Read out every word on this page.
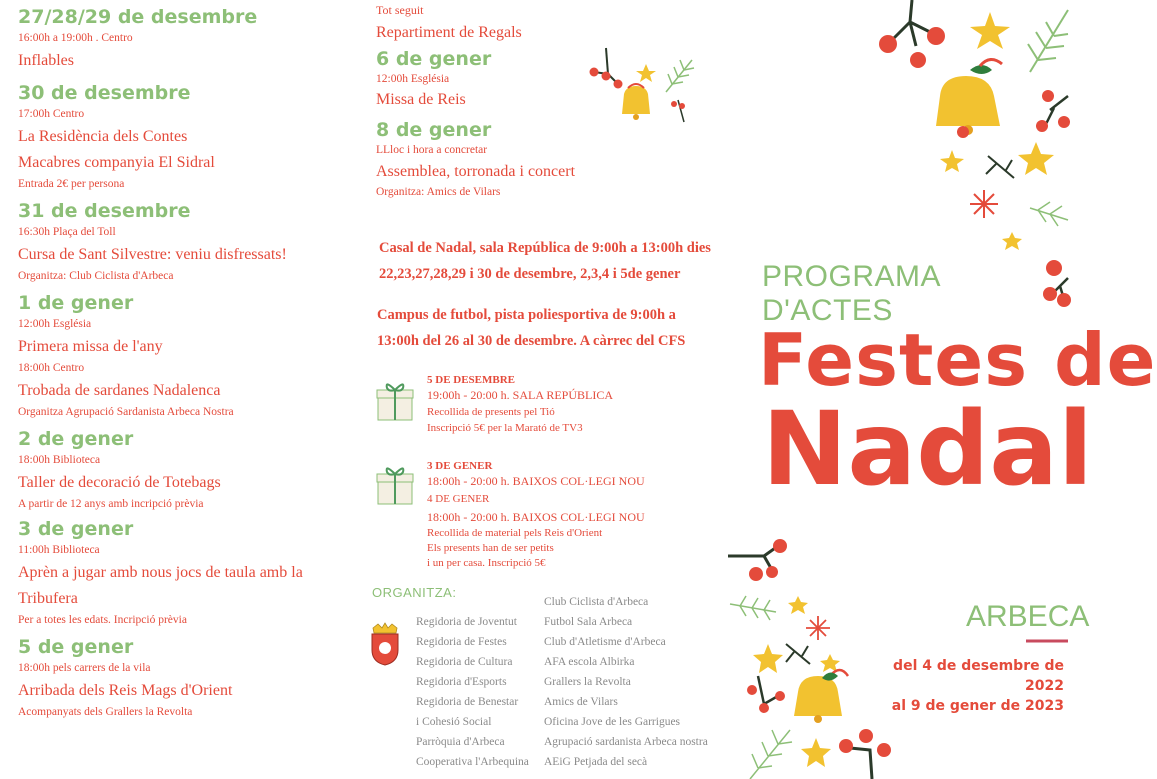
27/28/29 de desembre
16:00h a 19:00h . Centro
Inflables
30 de desembre
17:00h Centro
La Residència dels Contes
Macabres companyia El Sidral
Entrada 2€ per persona
31 de desembre
16:30h Plaça del Toll
Cursa de Sant Silvestre: veniu disfressats!
Organitza: Club Ciclista d'Arbeca
1 de gener
12:00h Església
Primera missa de l'any
18:00h Centro
Trobada de sardanes Nadalenca
Organitza Agrupació Sardanista Arbeca Nostra
2 de gener
18:00h Biblioteca
Taller de decoració de Totebags
A partir de 12 anys amb incripció prèvia
3 de gener
11:00h Biblioteca
Aprèn a jugar amb nous jocs de taula amb la
Tribufera
Per a totes les edats. Incripció prèvia
5 de gener
18:00h pels carrers de la vila
Arribada dels Reis Mags d'Orient
Acompanyats dels Grallers la Revolta
Tot seguit
Repartiment de Regals
6 de gener
12:00h Església
Missa de Reis
8 de gener
LLloc i hora a concretar
Assemblea, torronada i concert
Organitza: Amics de Vilars
Casal de Nadal, sala República de 9:00h a 13:00h dies
22,23,27,28,29 i 30 de desembre, 2,3,4 i 5de gener
Campus de futbol, pista poliesportiva de 9:00h a
13:00h del 26 al 30 de desembre. A càrrec del CFS
5 DE DESEMBRE
19:00h - 20:00 h. SALA REPÚBLICA
Recollida de presents pel Tió
Inscripció 5€ per la Marató de TV3
3 DE GENER
18:00h - 20:00 h. BAIXOS COL·LEGI NOU
4 DE GENER
18:00h - 20:00 h. BAIXOS COL·LEGI NOU
Recollida de material pels Reis d'Orient
Els presents han de ser petits
i un per casa. Inscripció 5€
ORGANITZA:
Regidoria de Joventut
Regidoria de Festes
Regidoria de Cultura
Regidoria d'Esports
Regidoria de Benestar
i Cohesió Social
Parròquia d'Arbeca
Cooperativa l'Arbequina
Club Ciclista d'Arbeca
Futbol Sala Arbeca
Club d'Atletisme d'Arbeca
AFA escola Albirka
Grallers la Revolta
Amics de Vilars
Oficina Jove de les Garrigues
Agrupació sardanista Arbeca nostra
AEiG Petjada del secà
PROGRAMA D'ACTES
Festes de
Nadal
ARBECA
del 4 de desembre de 2022
al 9 de gener de 2023
